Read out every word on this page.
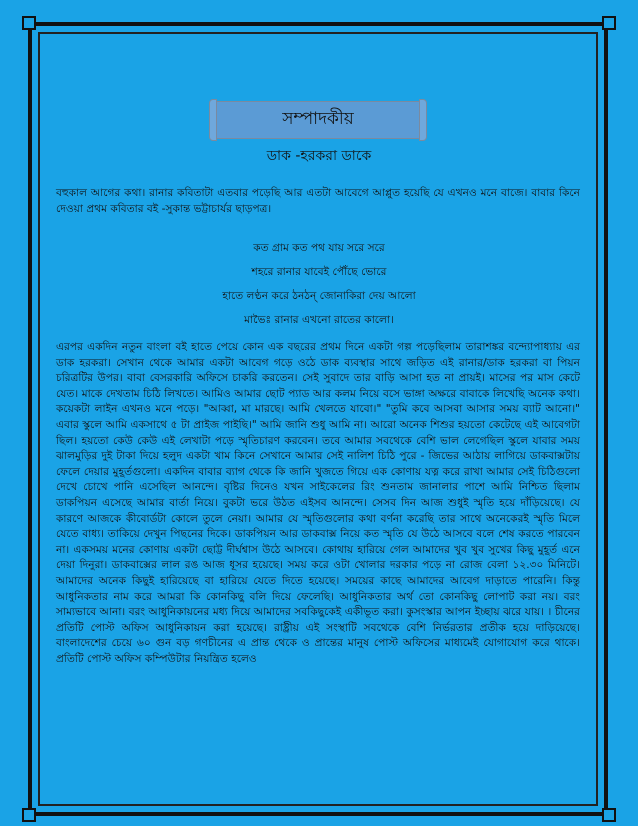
সম্পাদকীয়
ডাক -হরকরা ডাকে
বহুকাল আগের কথা। রানার কবিতাটা এতবার পড়েছি আর এতটা আবেগে আপ্লুত হয়েছি যে এখনও মনে বাজে। বাবার কিনে দেওয়া প্রথম কবিতার বই -সুকান্ত ভট্টাচার্যর ছাড়পত্র।
কত গ্রাম কত পথ যায় সরে সরে
শহরে রানার যাবেই পৌঁছে ভোরে
হাতে লণ্ঠন করে ঠনঠন্ জোনাকিরা দেয় আলো
মাভৈঃ রানার এখনো রাতের কালো।
এরপর একদিন নতুন বাংলা বই হাতে পেয়ে কোন এক বছরের প্রথম দিনে একটা গল্প পড়েছিলাম তারাশঙ্কর বন্দ্যোপাধ্যায় এর ডাক হরকরা। সেখান থেকে আমার একটা আবেগ গড়ে ওঠে ডাক ব্যবস্থার সাথে জড়িত এই রানার/ডাক হরকরা বা পিয়ন চরিত্রটির উপর। বাবা বেসরকারি অফিসে চাকরি করতেন। সেই সুবাদে তার বাড়ি আসা হত না প্রায়ই। মাসের পর মাস কেটে যেত। মাকে দেখতাম চিঠি লিখতে। আমিও আমার ছোট প্যাড আর কলম নিয়ে বসে ভাঙ্গা অক্ষরে বাবাকে লিখেছি অনেক কথা। কয়েকটা লাইন এখনও মনে পড়ে। "আব্বা, মা মারছে। আমি খেলতে যাবো।" "তুমি কবে আসবা আসার সময় ব্যাট আনো।" এবার স্কুলে আমি একসাথে ৫ টা প্রাইজ পাইছি।" আমি জানি শুধু আমি না। আরো অনেক শিশুর হয়তো কেটেছে এই আবেগটা ছিল। হয়তো কেউ কেউ এই লেখাটা পড়ে স্মৃতিচারণ করবেন। তবে আমার সবথেকে বেশি ভাল লেগেছিল স্কুলে যাবার সময় ঝালমুড়ির দুই টাকা দিয়ে হলুদ একটা খাম কিনে সেখানে আমার সেই নালিশ চিঠি পুরে - জিভের আঠায় লাগিয়ে ডাকবাক্সটায় ফেলে দেয়ার মুহূর্তগুলো। একদিন বাবার ব্যাগ থেকে কি জানি খুজতে গিয়ে এক কোণায় যত্ন করে রাখা আমার সেই চিঠিগুলো দেখে চোখে পানি এসেছিল আনন্দে। বৃষ্টির দিনেও যখন সাইকেলের রিং শুনতাম জানালার পাশে আমি নিশ্চিত ছিলাম ডাকপিয়ন এসেছে আমার বার্তা নিয়ে। বুকটা ভরে উঠত এইসব আনন্দে। সেসব দিন আজ শুধুই স্মৃতি হয়ে দাঁড়িয়েছে। যে কারণে আজকে কীবোর্ডটা কোলে তুলে নেয়া। আমার যে স্মৃতিগুলোর কথা বর্ণনা করেছি তার সাথে অনেকেরই স্মৃতি মিলে যেতে বাধ্য। তাকিয়ে দেখুন পিছনের দিকে। ডাকপিয়ন আর ডাকবাক্স নিয়ে কত স্মৃতি যে উঠে আসবে বলে শেষ করতে পারবেন না। একসময় মনের কোণায় একটা ছোট্ট দীর্ঘশ্বাস উঠে আসবে। কোথায় হারিয়ে গেল আমাদের খুব খুব সুখের কিছু মুহূর্ত এনে দেয়া দিনুরা। ডাকবাক্সের লাল রঙ আজ ধূসর হয়েছে। সময় করে ওটা খোলার দরকার পড়ে না রোজ বেলা ১২.৩০ মিনিটে। আমাদের অনেক কিছুই হারিয়েছে বা হারিয়ে যেতে দিতে হয়েছে। সময়ের কাছে আমাদের আবেগ দাড়াতে পারেনি। কিন্তু আধুনিকতার নাম করে আমরা কি কোনকিছু বলি দিয়ে ফেলেছি। আধুনিকতার অর্থ তো কোনকিছু লোপাট করা নয়। বরং সাম্যভাবে আনা। বরং আধুনিকায়নের মধ্য দিয়ে আমাদের সবকিছুকেই একীভূত করা। কুসংস্কার আপন ইচ্ছায় ঝরে যায়। । চীনের প্রতিটি পোস্ট অফিস আধুনিকায়ন করা হয়েছে। রাষ্ট্রীয় এই সংস্থাটি সবথেকে বেশি নির্ভরতার প্রতীক হয়ে দাড়িয়েছে। বাংলাদেশের চেয়ে ৬০ গুন বড় গণচীনের এ প্রান্ত থেকে ও প্রান্তের মানুষ পোস্ট অফিসের মাধ্যমেই যোগাযোগ করে থাকে। প্রতিটি পোস্ট অফিস কম্পিউটার নিয়ন্ত্রিত হলেও
